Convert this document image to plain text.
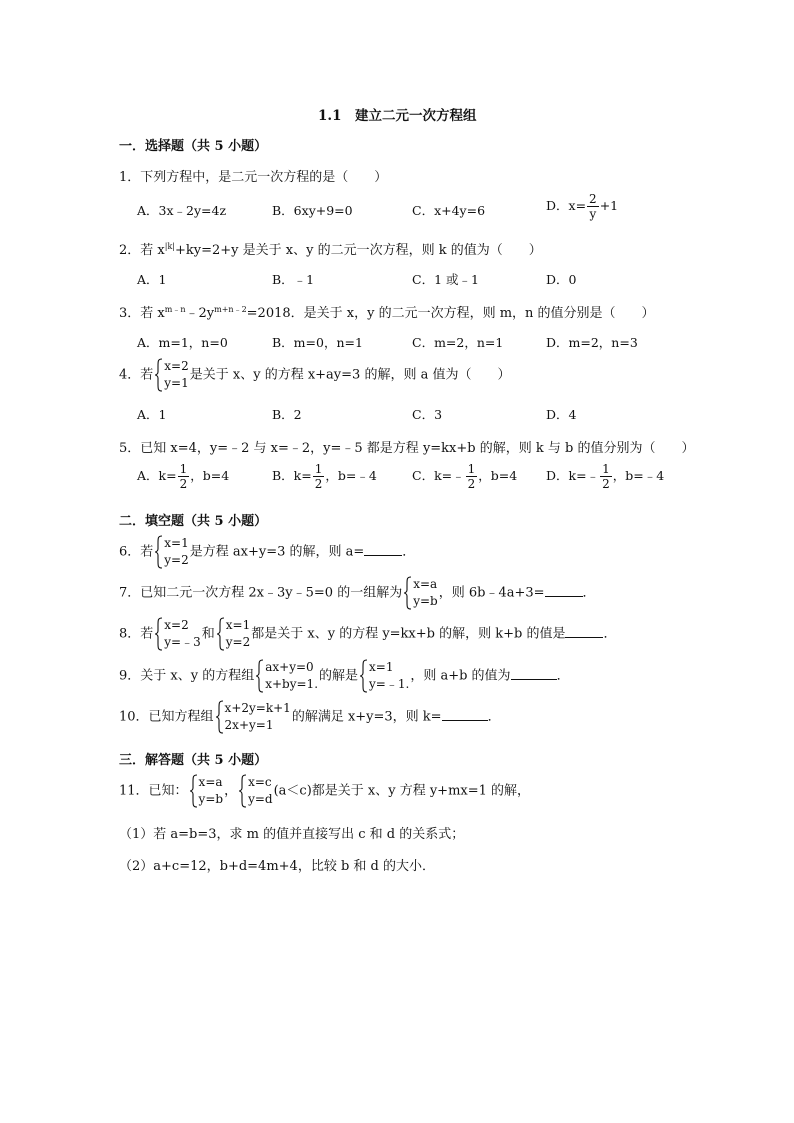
1.1　建立二元一次方程组
一．选择题（共 5 小题）
1．下列方程中，是二元一次方程的是（　　）
A．3x﹣2y=4z	B．6xy+9=0	C．x+4y=6	D．$x= \frac{2}{y} +1$
2．若 $x^{|k|}+ky=2+y$ 是关于 x、y 的二元一次方程，则 k 的值为（　　）
A．1	B．﹣1	C．1 或﹣1	D．0
3．若 $x^{m﹣n}﹣2y^{m+n﹣2}=2018$．是关于 x，y 的二元一次方程，则 m，n 的值分别是（　　）
A．m=1，n=0	B．m=0，n=1	C．m=2，n=1	D．m=2，n=3
4．若
x=2
y=1
是关于 x、y 的方程 x+ay=3 的解，则 a 值为（　　）
A．1	B．2	C．3	D．4
5．已知 x=4，y=﹣2 与 x=﹣2，y=﹣5 都是方程 y=kx+b 的解，则 k 与 b 的值分别为（　　）
A．$k= \frac{1}{2}$ ，b=4	B．$k= \frac{1}{2}$ ，b=﹣4	C．k=﹣ $\frac{1}{2}$ ，b=4 D．k=﹣ $\frac{1}{2}$ ，b=﹣4
二．填空题（共 5 小题）
6．若
x=1
y=2
是方程 ax+y=3 的解，则 a=	．
7．已知二元一次方程 2x﹣3y﹣5=0 的一组解为
x=a
y=b
，则 6b﹣4a+3=	．
8．若
x=2
y=﹣3
和
x=1
y=2
都是关于 x、y 的方程 y=kx+b 的解，则 k+b 的值是	．
9．关于 x、y 的方程组
ax+y=0
x+by=1.
的解是
x=1
y=﹣1.
，则 a+b 的值为	．
10．已知方程组
x+2y=k+1
2x+y=1
的解满足 x+y=3，则 k=	．
三．解答题（共 5 小题）
11．已知：
x=a
y=b
，
x=c
y=d
(a＜c)都是关于 x、y 方程 y+mx=1 的解，
（1）若 a=b=3，求 m 的值并直接写出 c 和 d 的关系式；
（2）a+c=12，b+d=4m+4，比较 b 和 d 的大小．
